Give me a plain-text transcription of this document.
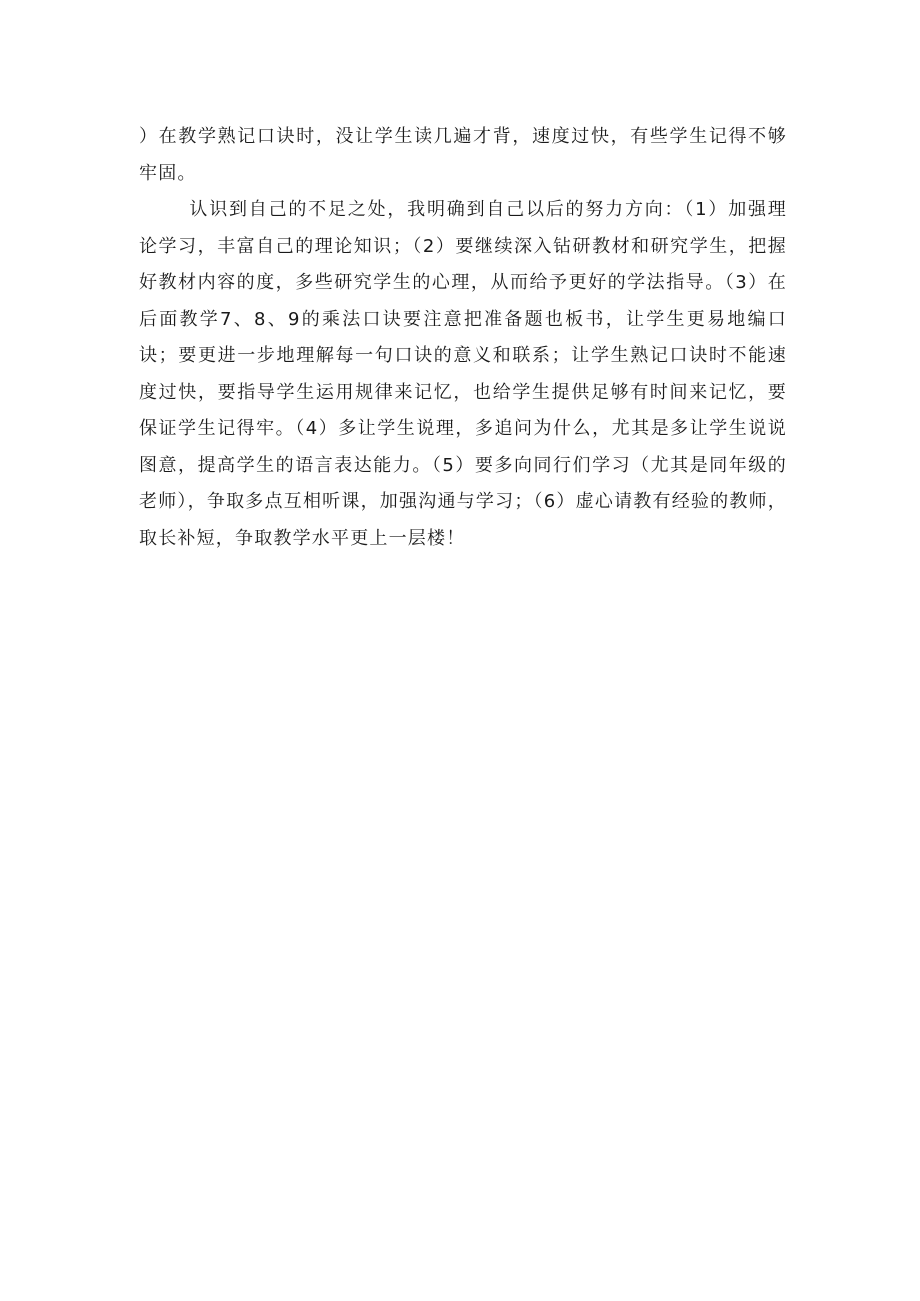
）在教学熟记口诀时，没让学生读几遍才背，速度过快，有些学生记得不够牢固。

认识到自己的不足之处，我明确到自己以后的努力方向：（1）加强理论学习，丰富自己的理论知识；（2）要继续深入钻研教材和研究学生，把握好教材内容的度，多些研究学生的心理，从而给予更好的学法指导。（3）在后面教学7、8、9的乘法口诀要注意把准备题也板书，让学生更易地编口诀；要更进一步地理解每一句口诀的意义和联系；让学生熟记口诀时不能速度过快，要指导学生运用规律来记忆，也给学生提供足够有时间来记忆，要保证学生记得牢。（4）多让学生说理，多追问为什么，尤其是多让学生说说图意，提高学生的语言表达能力。（5）要多向同行们学习（尤其是同年级的老师），争取多点互相听课，加强沟通与学习；（6）虚心请教有经验的教师，取长补短，争取教学水平更上一层楼！
